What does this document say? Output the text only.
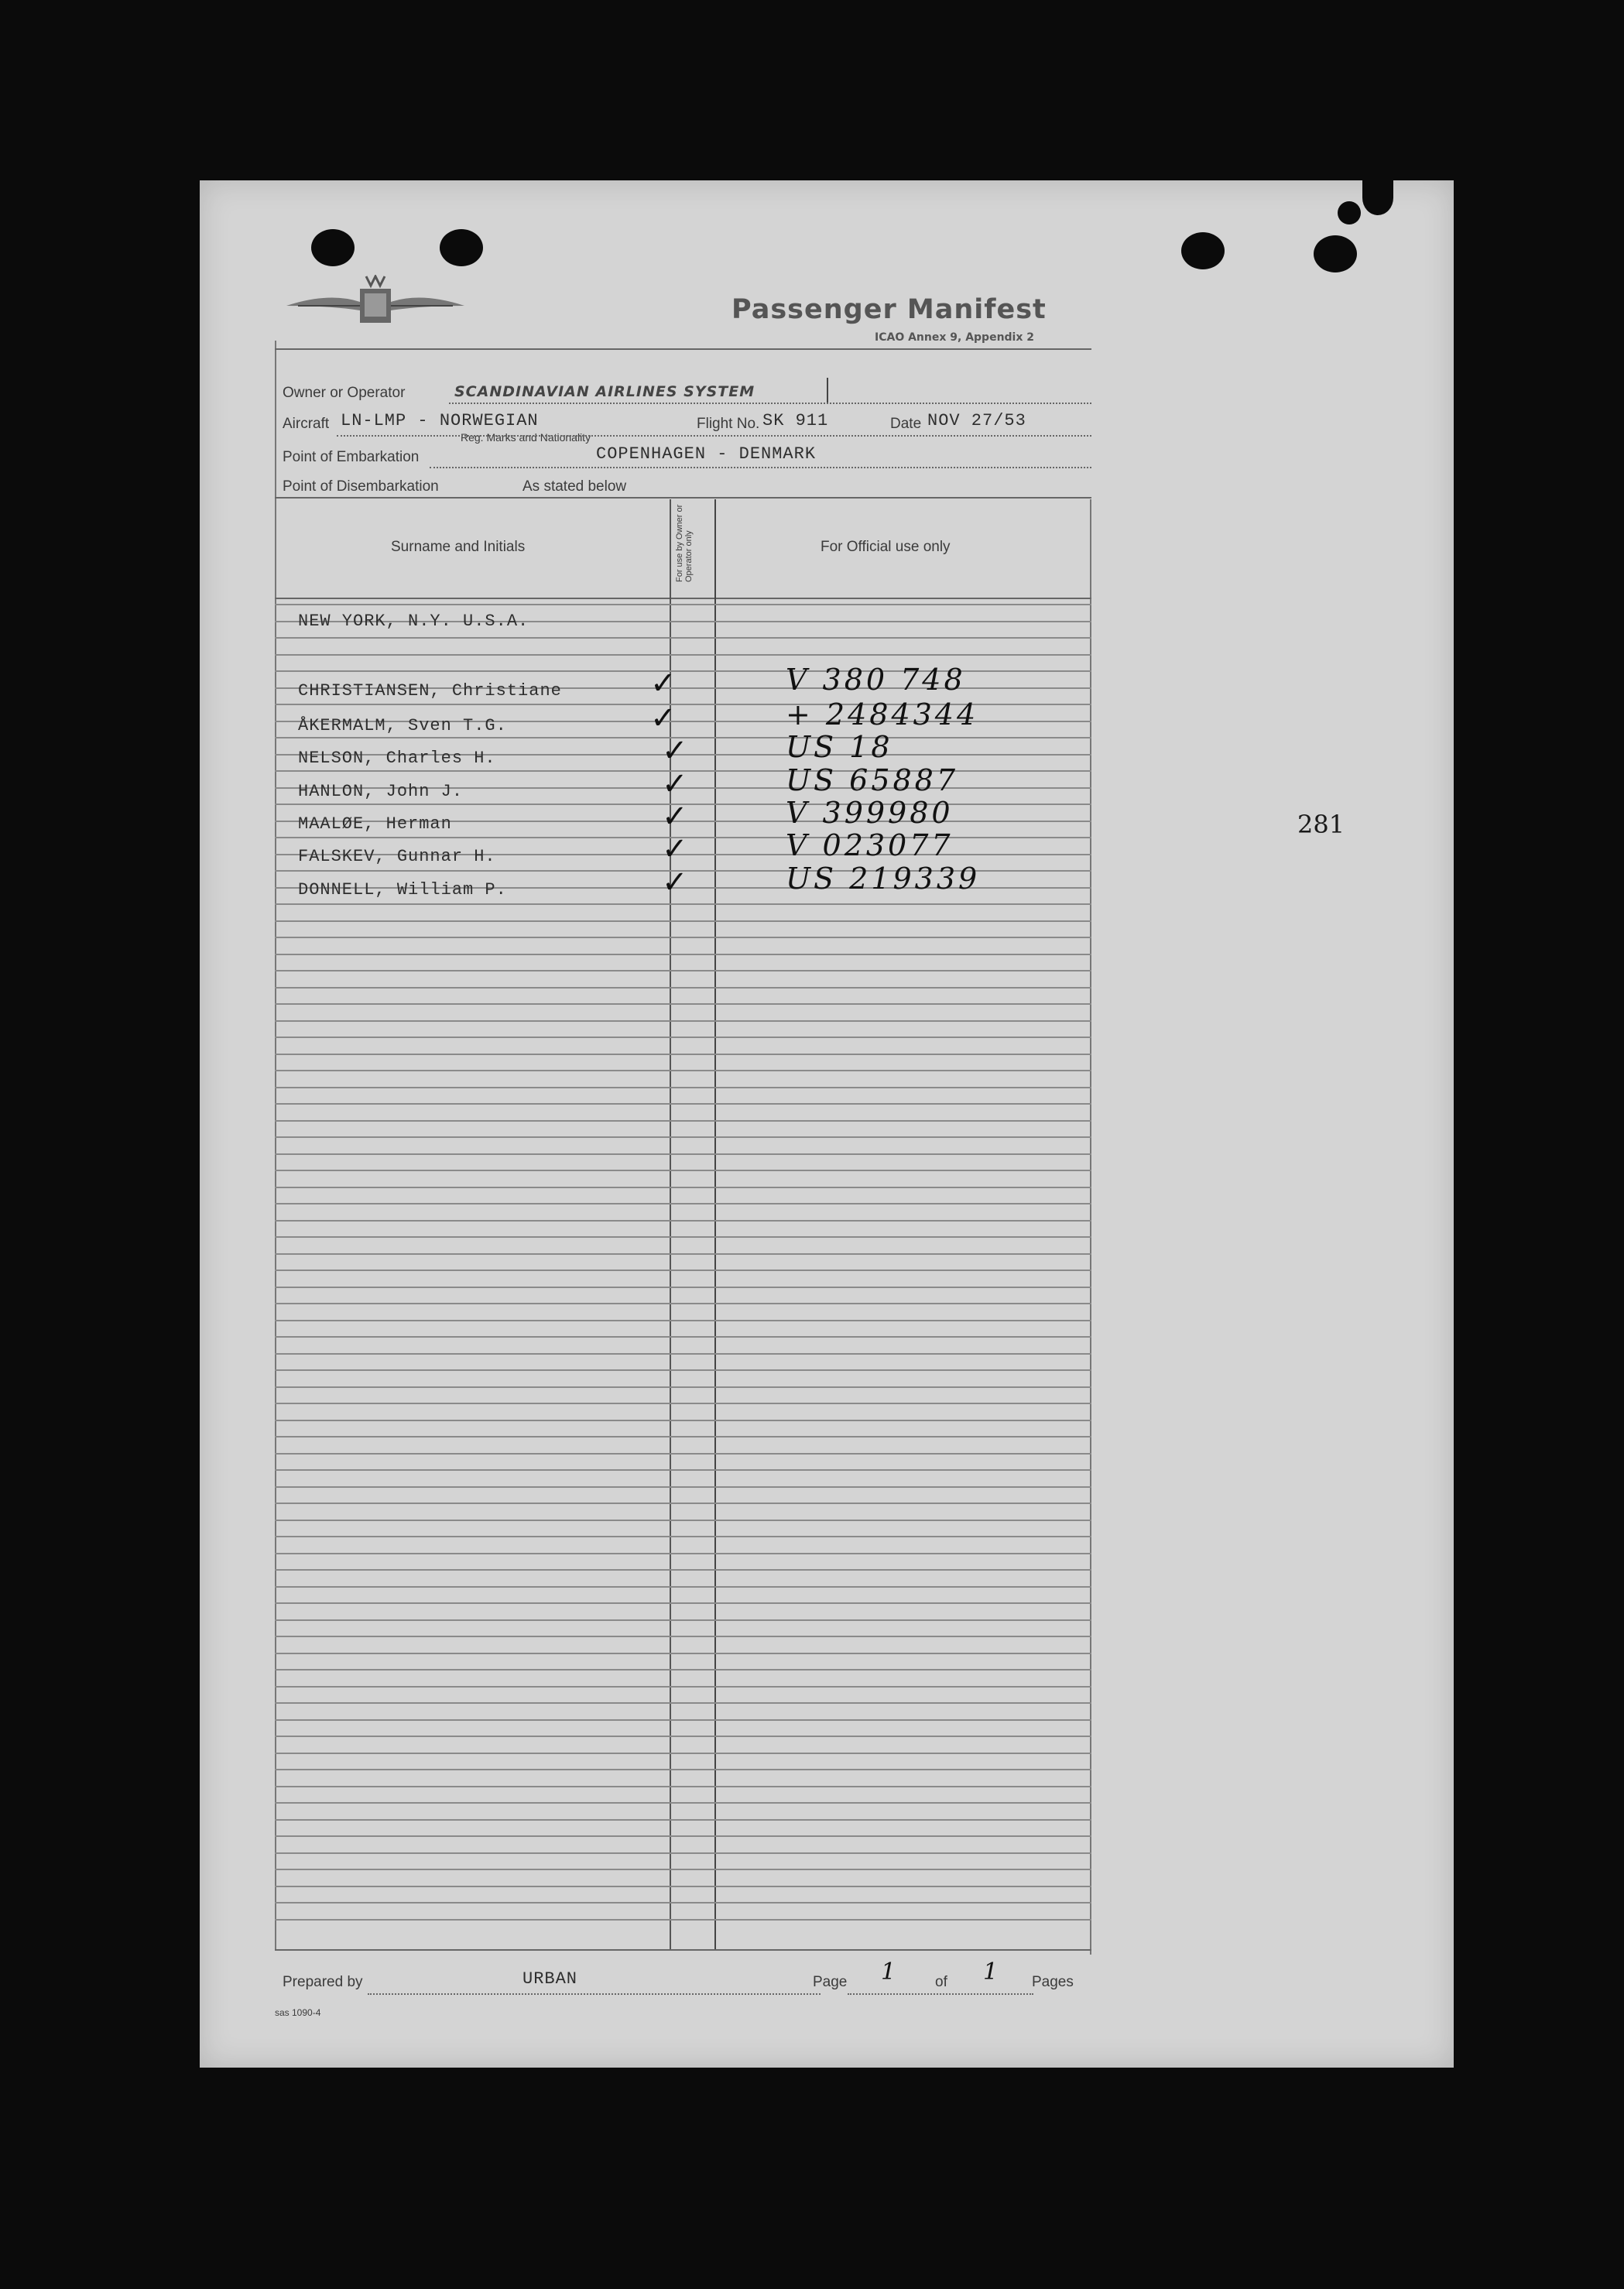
Passenger Manifest
ICAO Annex 9, Appendix 2
Owner or Operator	SCANDINAVIAN AIRLINES SYSTEM
Aircraft LN-LMP - NORWEGIAN
Reg. Marks and Nationality
Flight No. SK 911	Date NOV 27/53
Point of Embarkation	COPENHAGEN - DENMARK
Point of Disembarkation	As stated below
Surname and Initials	For use by Owner or Operator only	For Official use only
NEW YORK, N.Y. U.S.A.
CHRISTIANSEN, Christiane	✓	V 380 748
ÅKERMALM, Sven T.G.	✓	+ 2484344
NELSON, Charles H.	✓	US 18
HANLON, John J.	✓	US 65887
MAALØE, Herman	✓	V 399980
FALSKEV, Gunnar H.	✓	V 023077
DONNELL, William P.	✓	US 219339
Prepared by	URBAN	Page 1 of 1 Pages
sas 1090-4
281
